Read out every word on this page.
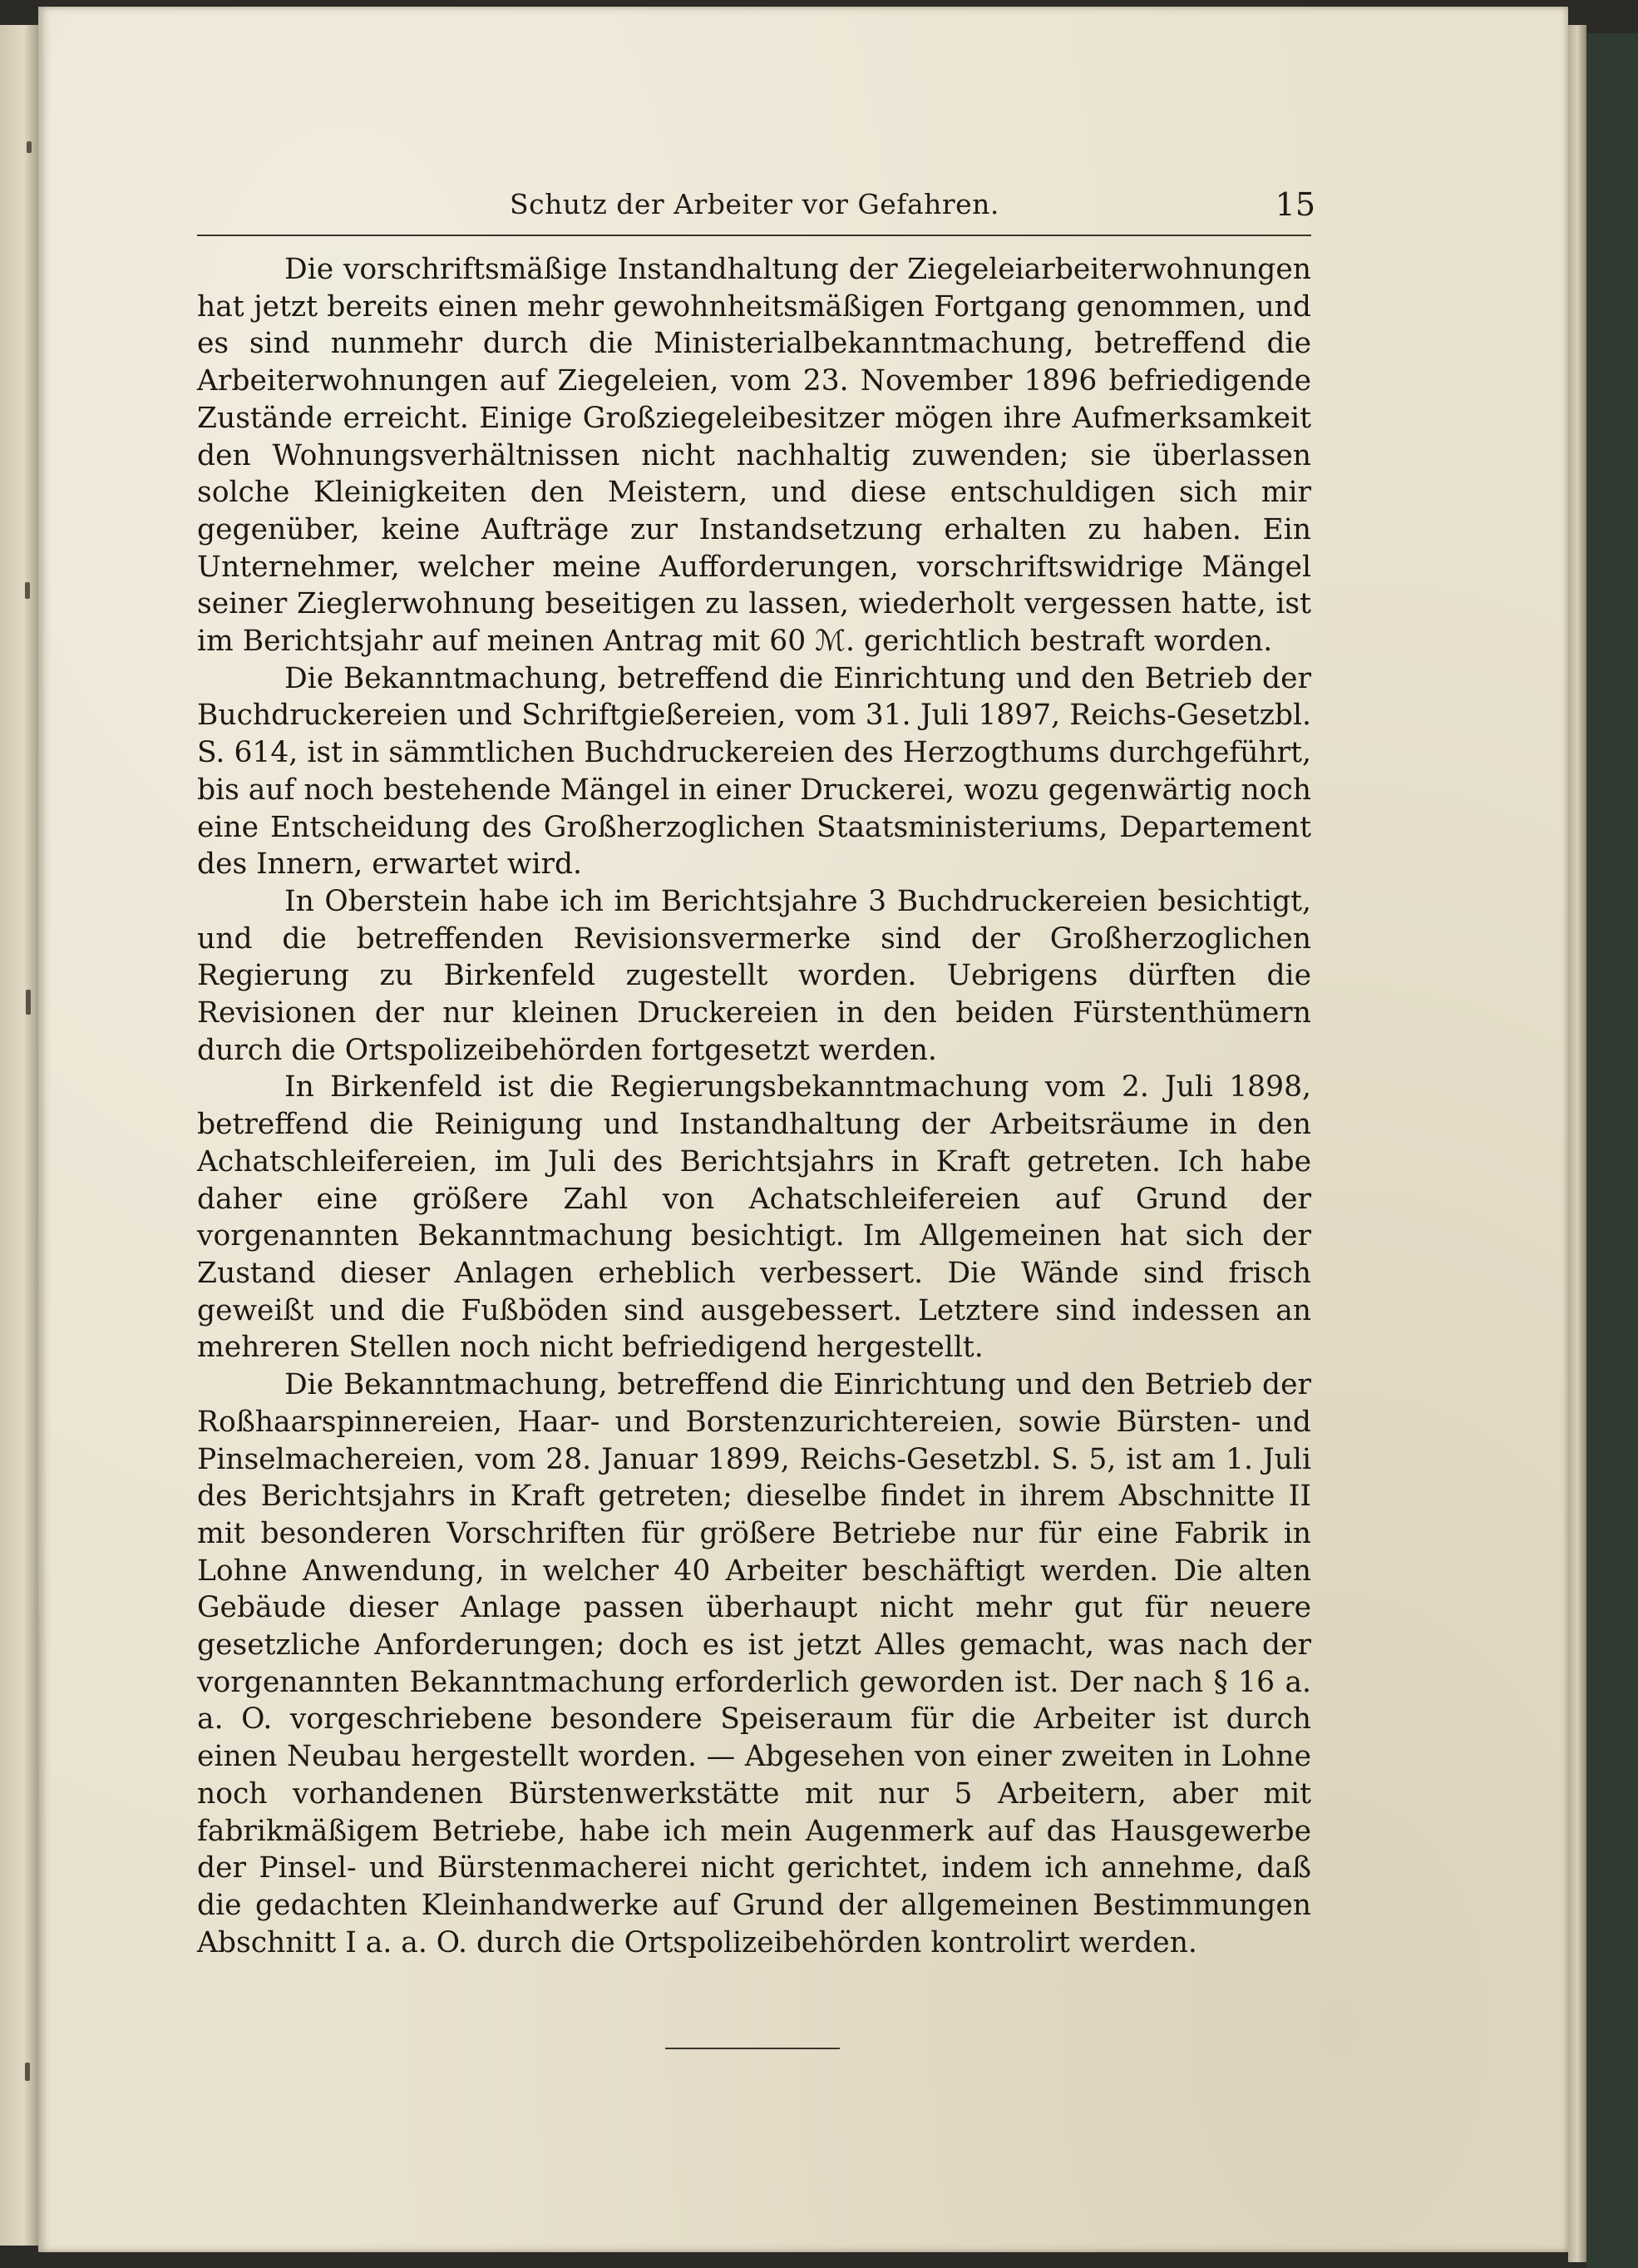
Schutz der Arbeiter vor Gefahren.	15

Die vorschriftsmäßige Instandhaltung der Ziegeleiarbeiterwohnungen hat jetzt bereits einen mehr gewohnheitsmäßigen Fortgang genommen, und es sind nunmehr durch die Ministerialbekanntmachung, betreffend die Arbeiterwohnungen auf Ziegeleien, vom 23. November 1896 befriedigende Zustände erreicht. Einige Großziegeleibesitzer mögen ihre Aufmerksamkeit den Wohnungsverhältnissen nicht nachhaltig zuwenden; sie überlassen solche Kleinigkeiten den Meistern, und diese entschuldigen sich mir gegenüber, keine Aufträge zur Instandsetzung erhalten zu haben. Ein Unternehmer, welcher meine Aufforderungen, vorschriftswidrige Mängel seiner Zieglerwohnung beseitigen zu lassen, wiederholt vergessen hatte, ist im Berichtsjahr auf meinen Antrag mit 60 ℳ. gerichtlich bestraft worden.

Die Bekanntmachung, betreffend die Einrichtung und den Betrieb der Buchdruckereien und Schriftgießereien, vom 31. Juli 1897, Reichs-Gesetzbl. S. 614, ist in sämmtlichen Buchdruckereien des Herzogthums durchgeführt, bis auf noch bestehende Mängel in einer Druckerei, wozu gegenwärtig noch eine Entscheidung des Großherzoglichen Staatsministeriums, Departement des Innern, erwartet wird.

In Oberstein habe ich im Berichtsjahre 3 Buchdruckereien besichtigt, und die betreffenden Revisionsvermerke sind der Großherzoglichen Regierung zu Birkenfeld zugestellt worden. Uebrigens dürften die Revisionen der nur kleinen Druckereien in den beiden Fürstenthümern durch die Ortspolizeibehörden fortgesetzt werden.

In Birkenfeld ist die Regierungsbekanntmachung vom 2. Juli 1898, betreffend die Reinigung und Instandhaltung der Arbeitsräume in den Achatschleifereien, im Juli des Berichtsjahrs in Kraft getreten. Ich habe daher eine größere Zahl von Achatschleifereien auf Grund der vorgenannten Bekanntmachung besichtigt. Im Allgemeinen hat sich der Zustand dieser Anlagen erheblich verbessert. Die Wände sind frisch geweißt und die Fußböden sind ausgebessert. Letztere sind indessen an mehreren Stellen noch nicht befriedigend hergestellt.

Die Bekanntmachung, betreffend die Einrichtung und den Betrieb der Roßhaarspinnereien, Haar- und Borstenzurichtereien, sowie Bürsten- und Pinselmachereien, vom 28. Januar 1899, Reichs-Gesetzbl. S. 5, ist am 1. Juli des Berichtsjahrs in Kraft getreten; dieselbe findet in ihrem Abschnitte II mit besonderen Vorschriften für größere Betriebe nur für eine Fabrik in Lohne Anwendung, in welcher 40 Arbeiter beschäftigt werden. Die alten Gebäude dieser Anlage passen überhaupt nicht mehr gut für neuere gesetzliche Anforderungen; doch es ist jetzt Alles gemacht, was nach der vorgenannten Bekanntmachung erforderlich geworden ist. Der nach § 16 a. a. O. vorgeschriebene besondere Speiseraum für die Arbeiter ist durch einen Neubau hergestellt worden. — Abgesehen von einer zweiten in Lohne noch vorhandenen Bürstenwerkstätte mit nur 5 Arbeitern, aber mit fabrikmäßigem Betriebe, habe ich mein Augenmerk auf das Hausgewerbe der Pinsel- und Bürstenmacherei nicht gerichtet, indem ich annehme, daß die gedachten Kleinhandwerke auf Grund der allgemeinen Bestimmungen Abschnitt I a. a. O. durch die Ortspolizeibehörden kontrolirt werden.
